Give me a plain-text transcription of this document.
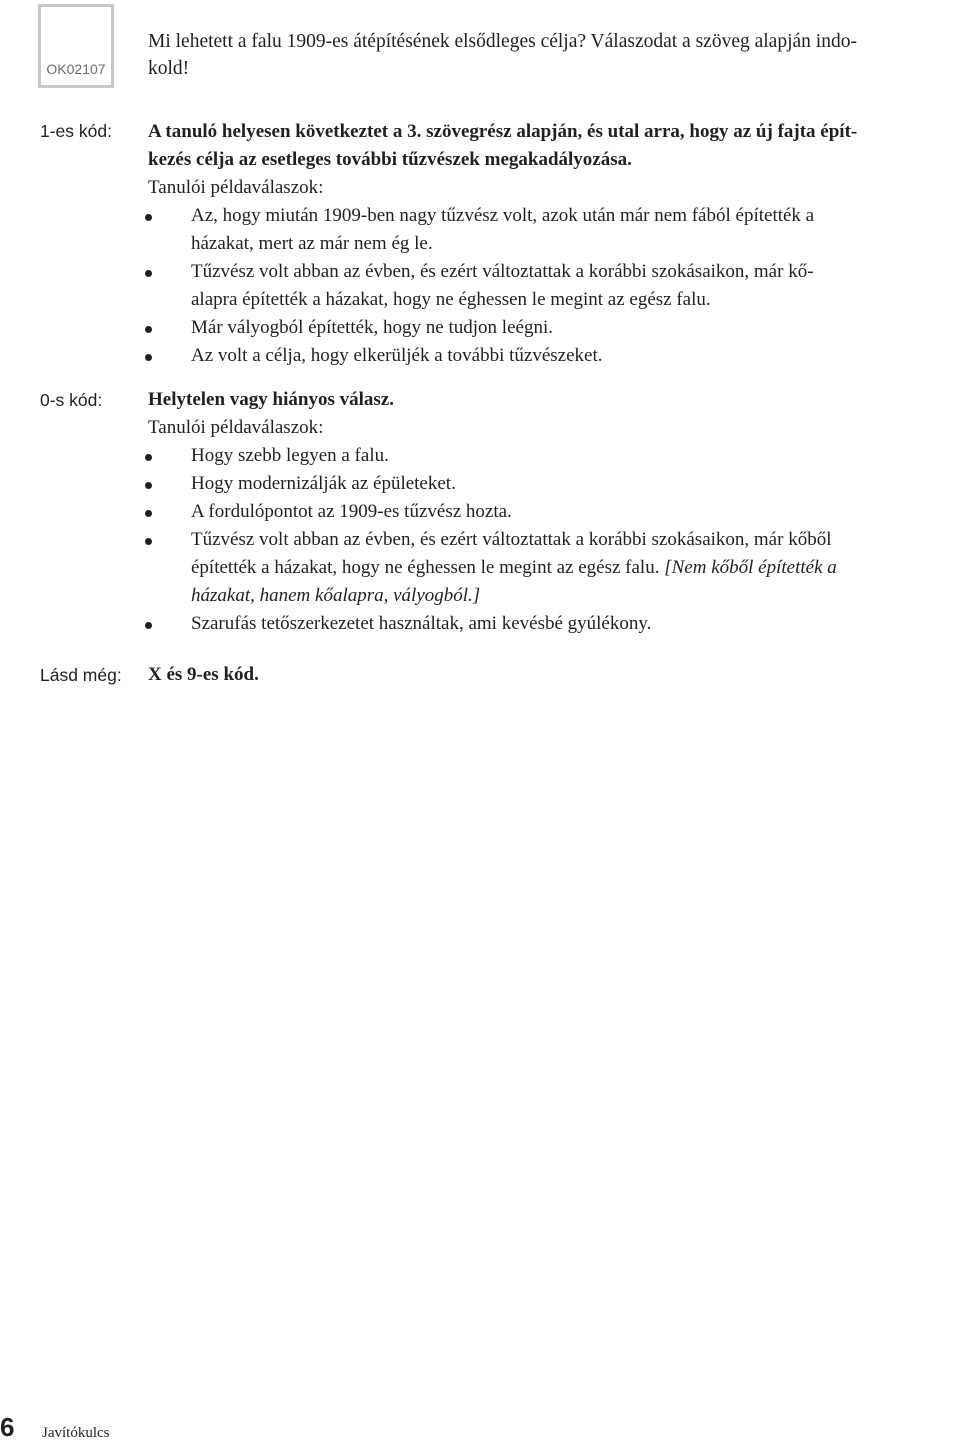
OK02107
Mi lehetett a falu 1909-es átépítésének elsődleges célja? Válaszodat a szöveg alapján indo-
kold!
1-es kód: A tanuló helyesen következtet a 3. szövegrész alapján, és utal arra, hogy az új fajta épít-
kezés célja az esetleges további tűzvészek megakadályozása.
Tanulói példaválaszok:
Az, hogy miután 1909-ben nagy tűzvész volt, azok után már nem fából építették a
házakat, mert az már nem ég le.
Tűzvész volt abban az évben, és ezért változtattak a korábbi szokásaikon, már kő-
alapra építették a házakat, hogy ne éghessen le megint az egész falu.
Már vályogból építették, hogy ne tudjon leégni.
Az volt a célja, hogy elkerüljék a további tűzvészeket.
0-s kód: Helytelen vagy hiányos válasz.
Tanulói példaválaszok:
Hogy szebb legyen a falu.
Hogy modernizálják az épületeket.
A fordulópontot az 1909-es tűzvész hozta.
Tűzvész volt abban az évben, és ezért változtattak a korábbi szokásaikon, már kőből
építették a házakat, hogy ne éghessen le megint az egész falu. [Nem kőből építették a
házakat, hanem kőalapra, vályogból.]
Szarufás tetőszerkezetet használtak, ami kevésbé gyúlékony.
Lásd még: X és 9-es kód.
6 Javítókulcs
